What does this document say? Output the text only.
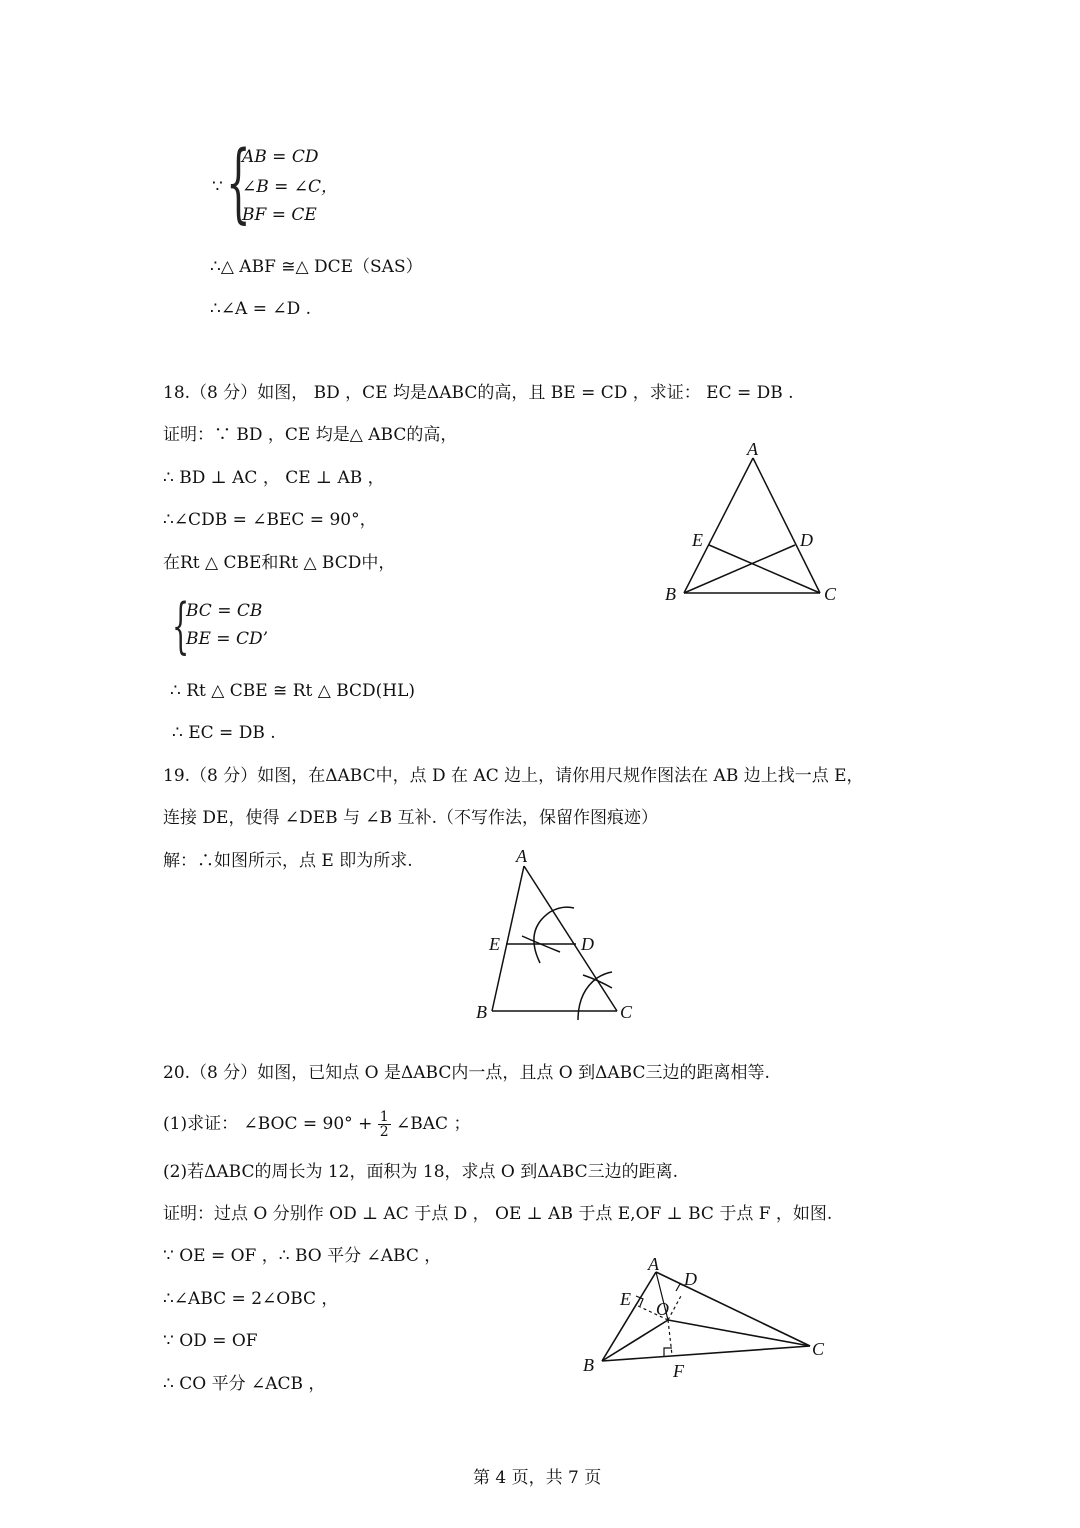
∵ {
AB = CD
∠B = ∠C，
BF = CE
∴△ ABF ≅△ DCE（SAS）
∴∠A = ∠D .
18.（8 分）如图， BD ，CE 均是ΔABC的高，且 BE = CD ，求证： EC = DB .
证明：∵ BD ，CE 均是△ ABC的高，
∴ BD ⊥ AC ， CE ⊥ AB ，
∴∠CDB = ∠BEC = 90°，
在Rt △ CBE和Rt △ BCD中，
{
BC = CB
BE = CD’
∴ Rt △ CBE ≅ Rt △ BCD(HL)
∴ EC = DB .
A
B	C
D
E
19.（8 分）如图，在ΔABC中，点 D 在 AC 边上，请你用尺规作图法在 AB 边上找一点 E，
连接 DE，使得 ∠DEB 与 ∠B 互补.（不写作法，保留作图痕迹）
解：∴如图所示，点 E 即为所求.	A
B	C
D
E
20.（8 分）如图，已知点 O 是ΔABC内一点，且点 O 到ΔABC三边的距离相等.
(1)求证： ∠BOC = $90^\circ + \frac{1}{2}$ ∠BAC ；
(2)若ΔABC的周长为 12，面积为 18，求点 O 到ΔABC三边的距离.
证明：过点 O 分别作 OD ⊥ AC 于点 D ， OE ⊥ AB 于点 E,OF ⊥ BC 于点 F ，如图.
∵ OE = OF ，∴ BO 平分 ∠ABC ，
∴∠ABC = 2∠OBC ，
∵ OD = OF
∴ CO 平分 ∠ACB ，
A
B
C
D
E
F
O
第 4 页，共 7 页
